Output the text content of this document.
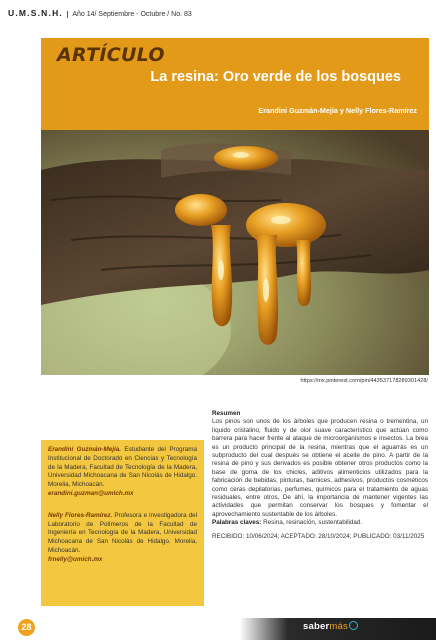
U.M.S.N.H. Año 14/ Septiembre - Octubre / No. 83
ARTÍCULO
La resina: Oro verde de los bosques
Erandini Guzmán-Mejía y Nelly Flores-Ramírez
https://mx.pinterest.com/pin/443537178289301428/
Resumen

Los pinos son unos de los árboles que producen resina o trementina, un líquido cristalino, fluido y de olor suave característico que actúan como barrera para hacer frente al ataque de microorganismos e insectos. La brea es un producto principal de la resina, mientras que el aguarrás es un subproducto del cual después se obtiene el aceite de pino. A partir de la resina de pino y sus derivados es posible obtener otros productos como la base de goma de los chicles, aditivos alimenticios utilizados para la fabricación de bebidas, pinturas, barnices, adhesivos, productos cosméticos como ceras depilatorias, perfumes, químicos para el tratamiento de aguas residuales, entre otros. De ahí, la importancia de mantener vigentes las actividades que permitan conservar los bosques y fomentar el aprovechamiento sustentable de los árboles.
Palabras claves: Resina, resinación, sustentabilidad.

RECIBIDO: 10/06/2024; ACEPTADO: 28/10/2024; PUBLICADO: 03/11/2025

Erandini Guzmán-Mejía. Estudiante del Programa Institucional de Doctorado en Ciencias y Tecnología de la Madera, Facultad de Tecnología de la Madera, Universidad Michoacana de San Nicolás de Hidalgo. Morelia, Michoacán.
erandini.guzman@umich.mx

Nelly Flores-Ramírez. Profesora e investigadora del Laboratorio de Polímeros de la Facultad de Ingeniería en Tecnología de la Madera, Universidad Michoacana de San Nicolás de Hidalgo. Morelia, Michoacán.
frnelly@umich.mx

28	sabermás
